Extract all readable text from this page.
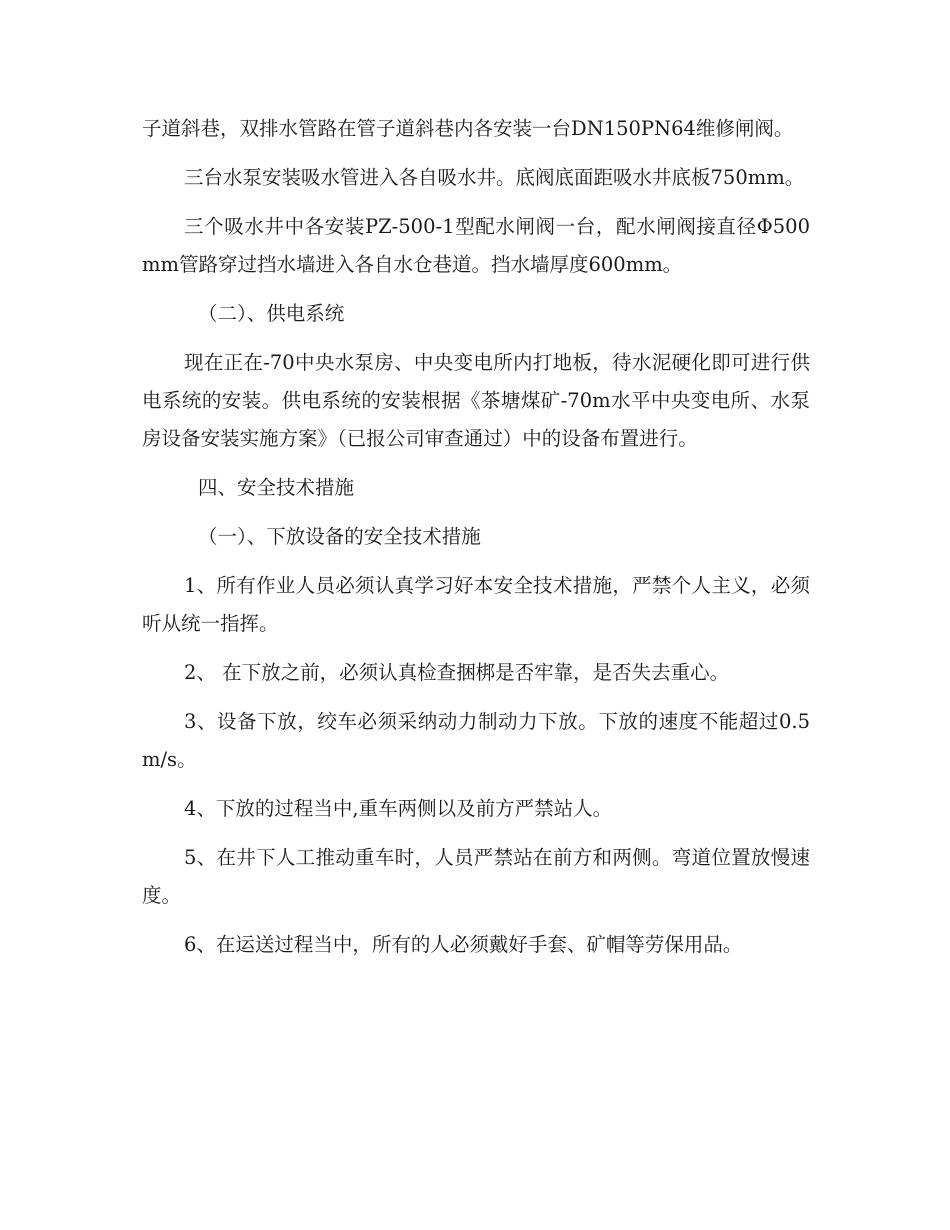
子道斜巷，双排水管路在管子道斜巷内各安装一台DN150PN64维修闸阀。

三台水泵安装吸水管进入各自吸水井。底阀底面距吸水井底板750mm。

三个吸水井中各安装PZ-500-1型配水闸阀一台，配水闸阀接直径Φ500mm管路穿过挡水墙进入各自水仓巷道。挡水墙厚度600mm。

（二）、供电系统

现在正在-70中央水泵房、中央变电所内打地板，待水泥硬化即可进行供电系统的安装。供电系统的安装根据《茶塘煤矿-70m水平中央变电所、水泵房设备安装实施方案》（已报公司审查通过）中的设备布置进行。

四、安全技术措施

（一）、下放设备的安全技术措施

1、所有作业人员必须认真学习好本安全技术措施，严禁个人主义，必须听从统一指挥。

2、 在下放之前，必须认真检查捆梆是否牢靠，是否失去重心。

3、设备下放，绞车必须采纳动力制动力下放。下放的速度不能超过0.5m/s。

4、下放的过程当中,重车两侧以及前方严禁站人。

5、在井下人工推动重车时，人员严禁站在前方和两侧。弯道位置放慢速度。

6、在运送过程当中，所有的人必须戴好手套、矿帽等劳保用品。
